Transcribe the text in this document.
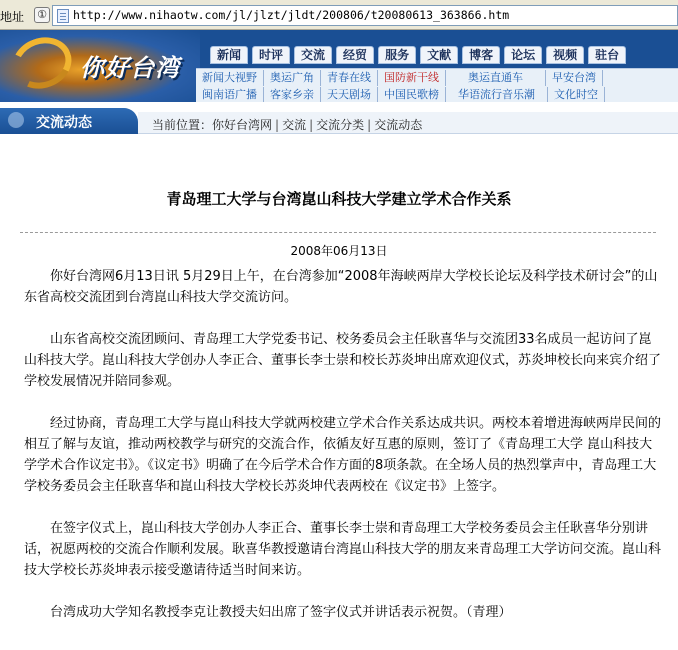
地址 ① http://www.nihaotw.com/jl/jlzt/jldt/200806/t20080613_363866.htm
你好台湾	新闻	时评	交流	经贸	服务	文献	博客	论坛	视频	驻台
新闻大视野	奥运广角	青春在线	国防新干线	奥运直通车	早安台湾
闽南语广播	客家乡亲	天天剧场	中国民歌榜	华语流行音乐潮	文化时空
交流动态	当前位置：你好台湾网 | 交流 | 交流分类 | 交流动态
青岛理工大学与台湾崑山科技大学建立学术合作关系
2008年06月13日

你好台湾网6月13日讯 5月29日上午，在台湾参加“2008年海峡两岸大学校长论坛及科学技术研讨会”的山东省高校交流团到台湾崑山科技大学交流访问。

山东省高校交流团顾问、青岛理工大学党委书记、校务委员会主任耿喜华与交流团33名成员一起访问了崑山科技大学。崑山科技大学创办人李正合、董事长李士崇和校长苏炎坤出席欢迎仪式，苏炎坤校长向来宾介绍了学校发展情况并陪同参观。

经过协商，青岛理工大学与崑山科技大学就两校建立学术合作关系达成共识。两校本着增进海峡两岸民间的相互了解与友谊，推动两校教学与研究的交流合作，依循友好互惠的原则，签订了《青岛理工大学 崑山科技大学学术合作议定书》。《议定书》明确了在今后学术合作方面的8项条款。在全场人员的热烈掌声中，青岛理工大学校务委员会主任耿喜华和崑山科技大学校长苏炎坤代表两校在《议定书》上签字。

在签字仪式上，崑山科技大学创办人李正合、董事长李士崇和青岛理工大学校务委员会主任耿喜华分别讲话，祝愿两校的交流合作顺利发展。耿喜华教授邀请台湾崑山科技大学的朋友来青岛理工大学访问交流。崑山科技大学校长苏炎坤表示接受邀请待适当时间来访。

台湾成功大学知名教授李克让教授夫妇出席了签字仪式并讲话表示祝贺。（青理）
